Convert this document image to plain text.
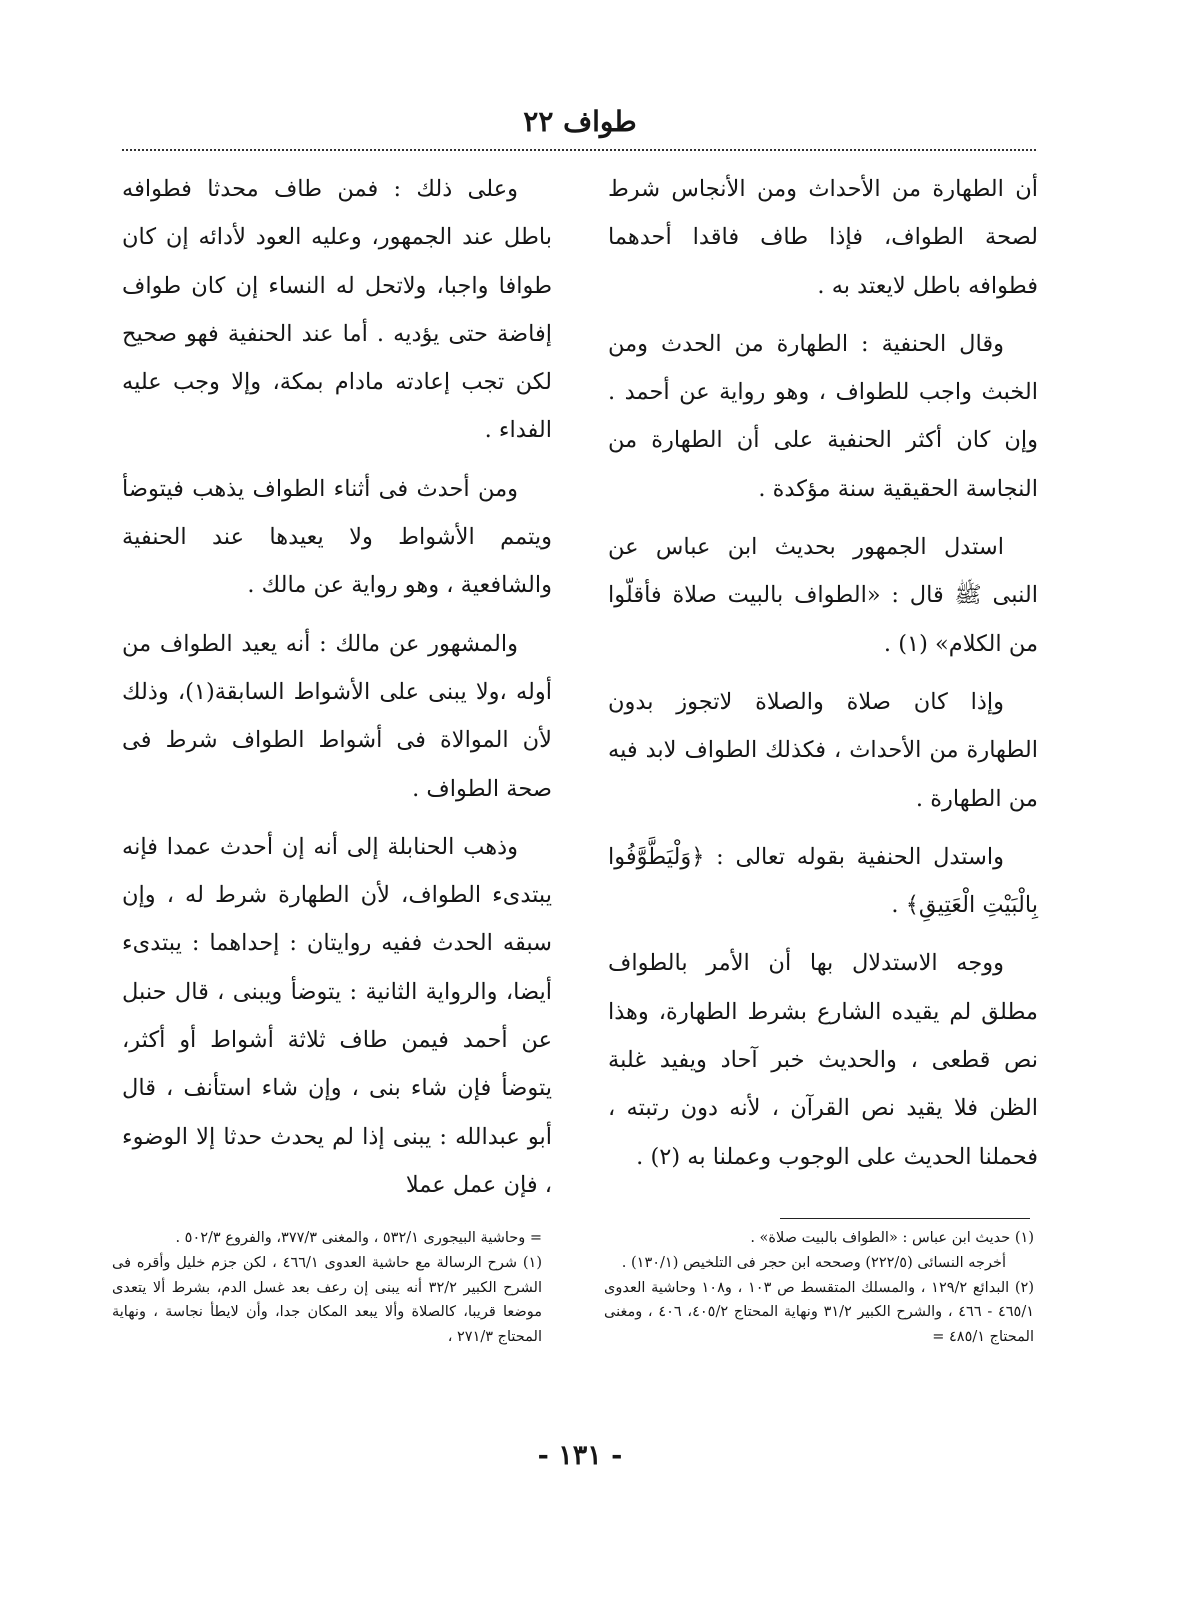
طواف ٢٢

أن الطهارة من الأحداث ومن الأنجاس شرط لصحة الطواف، فإذا طاف فاقدا أحدهما فطوافه باطل لايعتد به .

وقال الحنفية : الطهارة من الحدث ومن الخبث واجب للطواف ، وهو رواية عن أحمد . وإن كان أكثر الحنفية على أن الطهارة من النجاسة الحقيقية سنة مؤكدة .

استدل الجمهور بحديث ابن عباس عن النبى ﷺ قال : «الطواف بالبيت صلاة فأقلّوا من الكلام» (١) .

وإذا كان صلاة والصلاة لاتجوز بدون الطهارة من الأحداث ، فكذلك الطواف لابد فيه من الطهارة .

واستدل الحنفية بقوله تعالى : ﴿وَلْيَطَّوَّفُوا بِالْبَيْتِ الْعَتِيقِ﴾ .

ووجه الاستدلال بها أن الأمر بالطواف مطلق لم يقيده الشارع بشرط الطهارة، وهذا نص قطعى ، والحديث خبر آحاد ويفيد غلبة الظن فلا يقيد نص القرآن ، لأنه دون رتبته ، فحملنا الحديث على الوجوب وعملنا به (٢) .

وعلى ذلك : فمن طاف محدثا فطوافه باطل عند الجمهور، وعليه العود لأدائه إن كان طوافا واجبا، ولاتحل له النساء إن كان طواف إفاضة حتى يؤديه . أما عند الحنفية فهو صحيح لكن تجب إعادته مادام بمكة، وإلا وجب عليه الفداء .

ومن أحدث فى أثناء الطواف يذهب فيتوضأ ويتمم الأشواط ولا يعيدها عند الحنفية والشافعية ، وهو رواية عن مالك .

والمشهور عن مالك : أنه يعيد الطواف من أوله ،ولا يبنى على الأشواط السابقة(١)، وذلك لأن الموالاة فى أشواط الطواف شرط فى صحة الطواف .

وذهب الحنابلة إلى أنه إن أحدث عمدا فإنه يبتدىء الطواف، لأن الطهارة شرط له ، وإن سبقه الحدث ففيه روايتان : إحداهما : يبتدىء أيضا، والرواية الثانية : يتوضأ ويبنى ، قال حنبل عن أحمد فيمن طاف ثلاثة أشواط أو أكثر، يتوضأ فإن شاء بنى ، وإن شاء استأنف ، قال أبو عبدالله : يبنى إذا لم يحدث حدثا إلا الوضوء ، فإن عمل عملا

(١) حديث ابن عباس : «الطواف بالبيت صلاة» .

أخرجه النسائى (٢٢٢/٥) وصححه ابن حجر فى التلخيص (١٣٠/١) .

(٢) البدائع ١٢٩/٢ ، والمسلك المتقسط ص ١٠٣ ، و١٠٨ وحاشية العدوى ٤٦٥/١ - ٤٦٦ ، والشرح الكبير ٣١/٢ ونهاية المحتاج ٤٠٥/٢، ٤٠٦ ، ومغنى المحتاج ٤٨٥/١ =

= وحاشية البيجورى ٥٣٢/١ ، والمغنى ٣٧٧/٣، والفروع ٥٠٢/٣ .

(١) شرح الرسالة مع حاشية العدوى ٤٦٦/١ ، لكن جزم خليل وأقره فى الشرح الكبير ٣٢/٢ أنه يبنى إن رعف بعد غسل الدم، بشرط ألا يتعدى موضعا قريبا، كالصلاة وألا يبعد المكان جدا، وأن لايطأ نجاسة ، ونهاية المحتاج ٢٧١/٣ ،

- ١٣١ -
